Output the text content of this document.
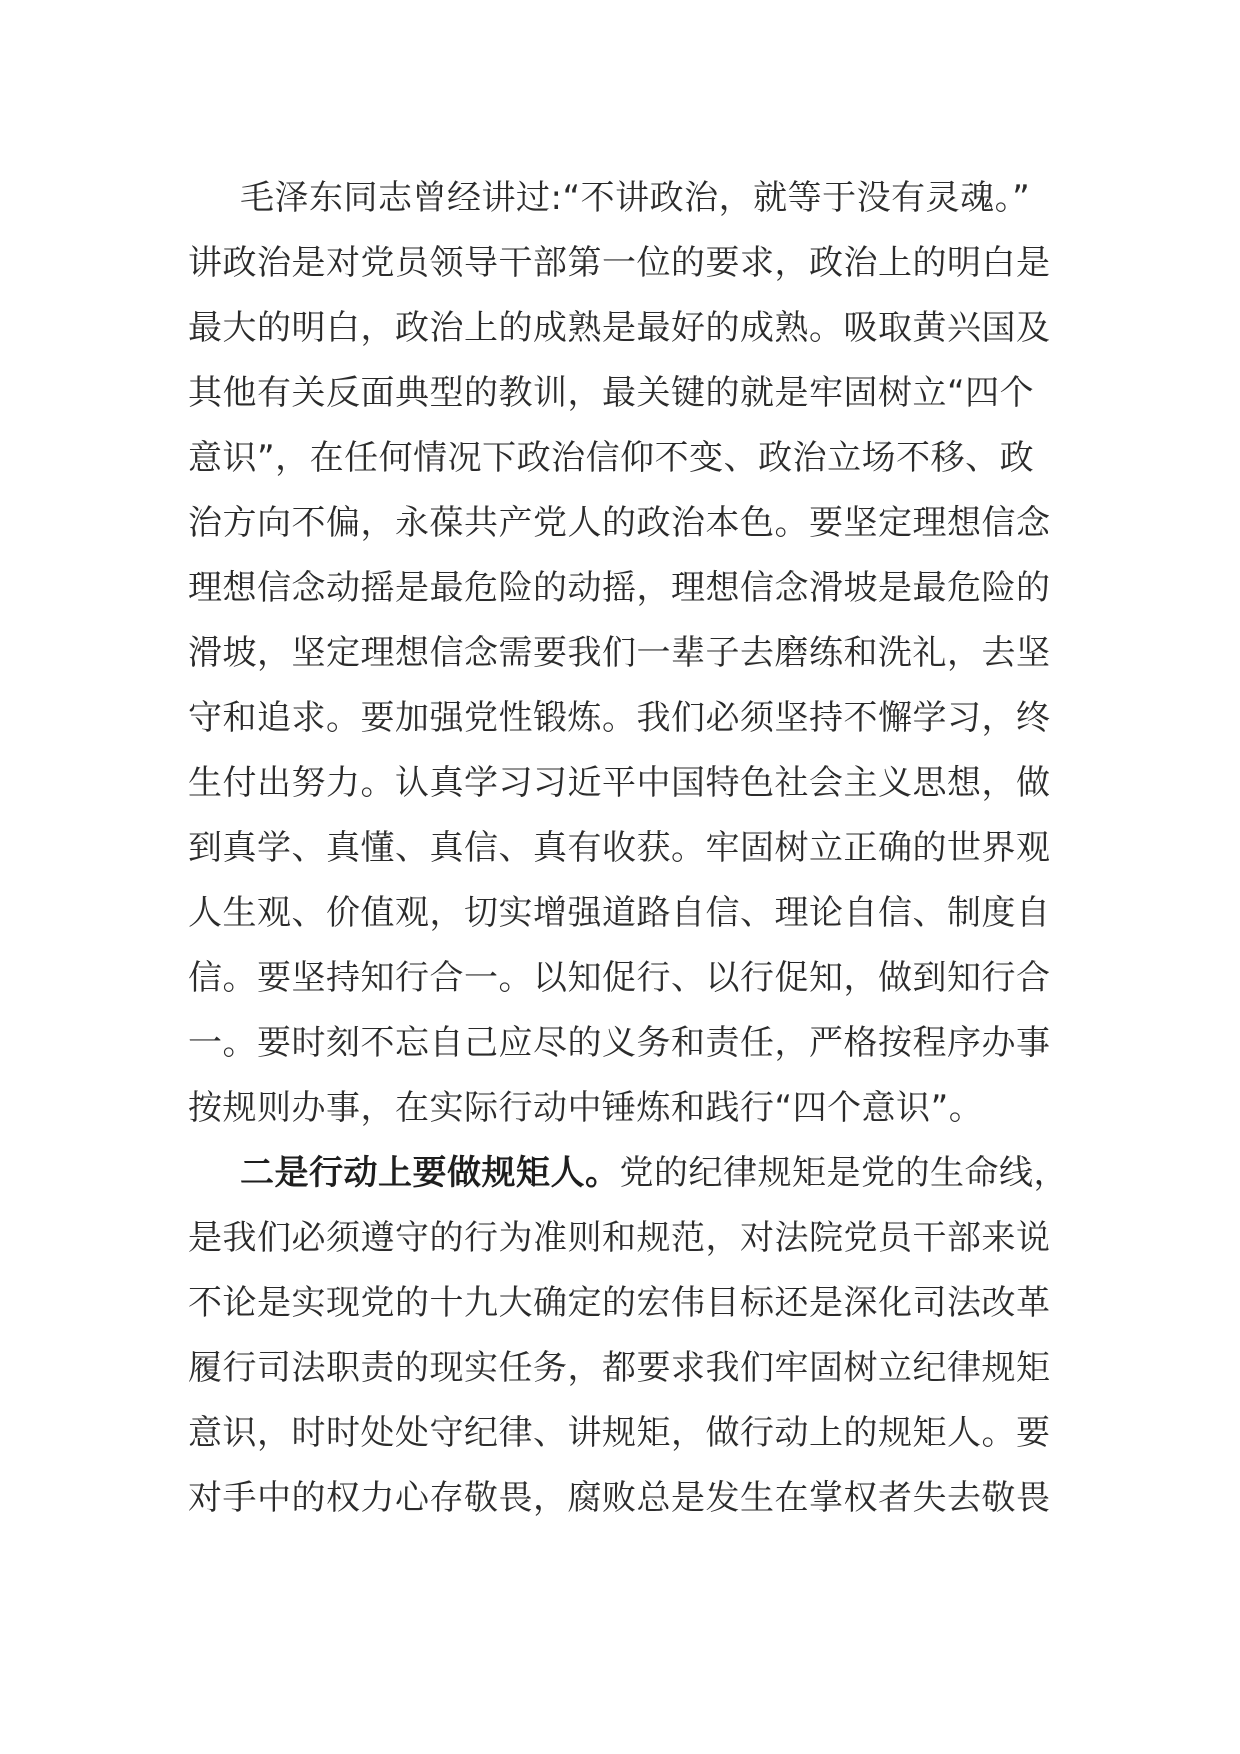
毛泽东同志曾经讲过:“不讲政治，就等于没有灵魂。”
讲政治是对党员领导干部第一位的要求，政治上的明白是
最大的明白，政治上的成熟是最好的成熟。吸取黄兴国及
其他有关反面典型的教训，最关键的就是牢固树立“四个
意识”，在任何情况下政治信仰不变、政治立场不移、政
治方向不偏，永葆共产党人的政治本色。要坚定理想信念
理想信念动摇是最危险的动摇，理想信念滑坡是最危险的
滑坡，坚定理想信念需要我们一辈子去磨练和洗礼，去坚
守和追求。要加强党性锻炼。我们必须坚持不懈学习，终
生付出努力。认真学习习近平中国特色社会主义思想，做
到真学、真懂、真信、真有收获。牢固树立正确的世界观
人生观、价值观，切实增强道路自信、理论自信、制度自
信。要坚持知行合一。以知促行、以行促知，做到知行合
一。要时刻不忘自己应尽的义务和责任，严格按程序办事
按规则办事，在实际行动中锤炼和践行“四个意识”。
二是行动上要做规矩人。党的纪律规矩是党的生命线，
是我们必须遵守的行为准则和规范，对法院党员干部来说
不论是实现党的十九大确定的宏伟目标还是深化司法改革
履行司法职责的现实任务，都要求我们牢固树立纪律规矩
意识，时时处处守纪律、讲规矩，做行动上的规矩人。要
对手中的权力心存敬畏，腐败总是发生在掌权者失去敬畏
